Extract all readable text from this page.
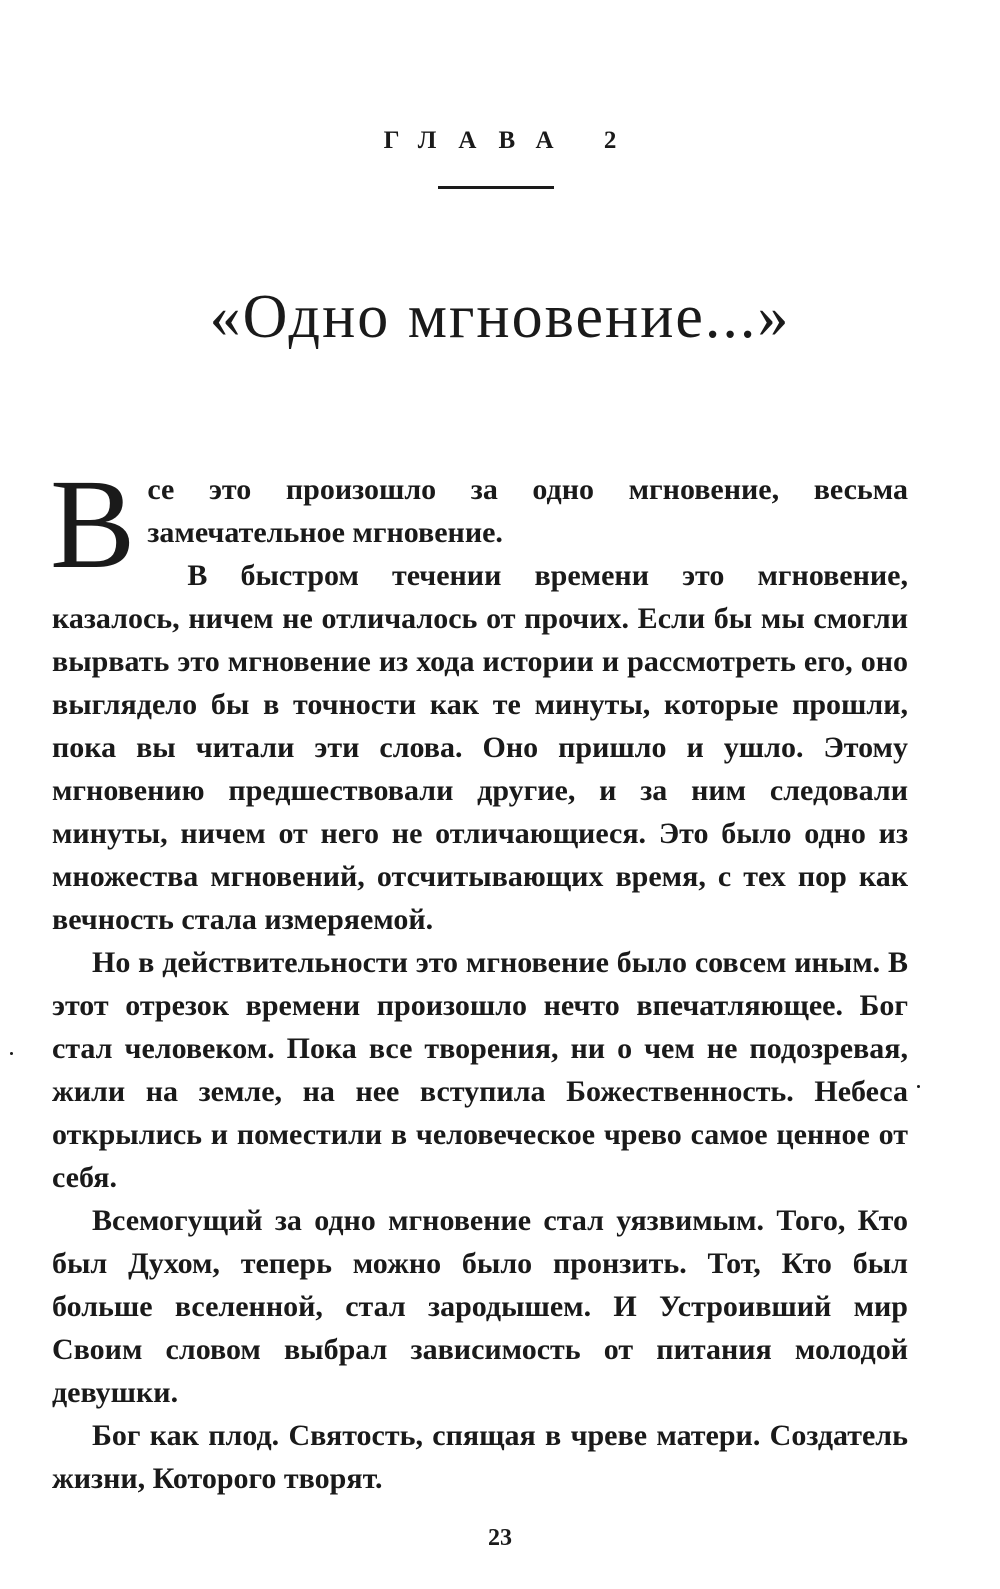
ГЛАВА 2
«Одно мгновение...»
В се это произошло за одно мгновение, весьма замечательное мгновение.

В быстром течении времени это мгновение, казалось, ничем не отличалось от прочих. Если бы мы смогли вырвать это мгновение из хода истории и рассмотреть его, оно выглядело бы в точности как те минуты, которые прошли, пока вы читали эти слова. Оно пришло и ушло. Этому мгновению предшествовали другие, и за ним следовали минуты, ничем от него не отличающиеся. Это было одно из множества мгновений, отсчитывающих время, с тех пор как вечность стала измеряемой.

Но в действительности это мгновение было совсем иным. В этот отрезок времени произошло нечто впечатляющее. Бог стал человеком. Пока все творения, ни о чем не подозревая, жили на земле, на нее вступила Божественность. Небеса открылись и поместили в человеческое чрево самое ценное от себя.

Всемогущий за одно мгновение стал уязвимым. Того, Кто был Духом, теперь можно было пронзить. Тот, Кто был больше вселенной, стал зародышем. И Устроивший мир Своим словом выбрал зависимость от питания молодой девушки.

Бог как плод. Святость, спящая в чреве матери. Создатель жизни, Которого творят.

23
